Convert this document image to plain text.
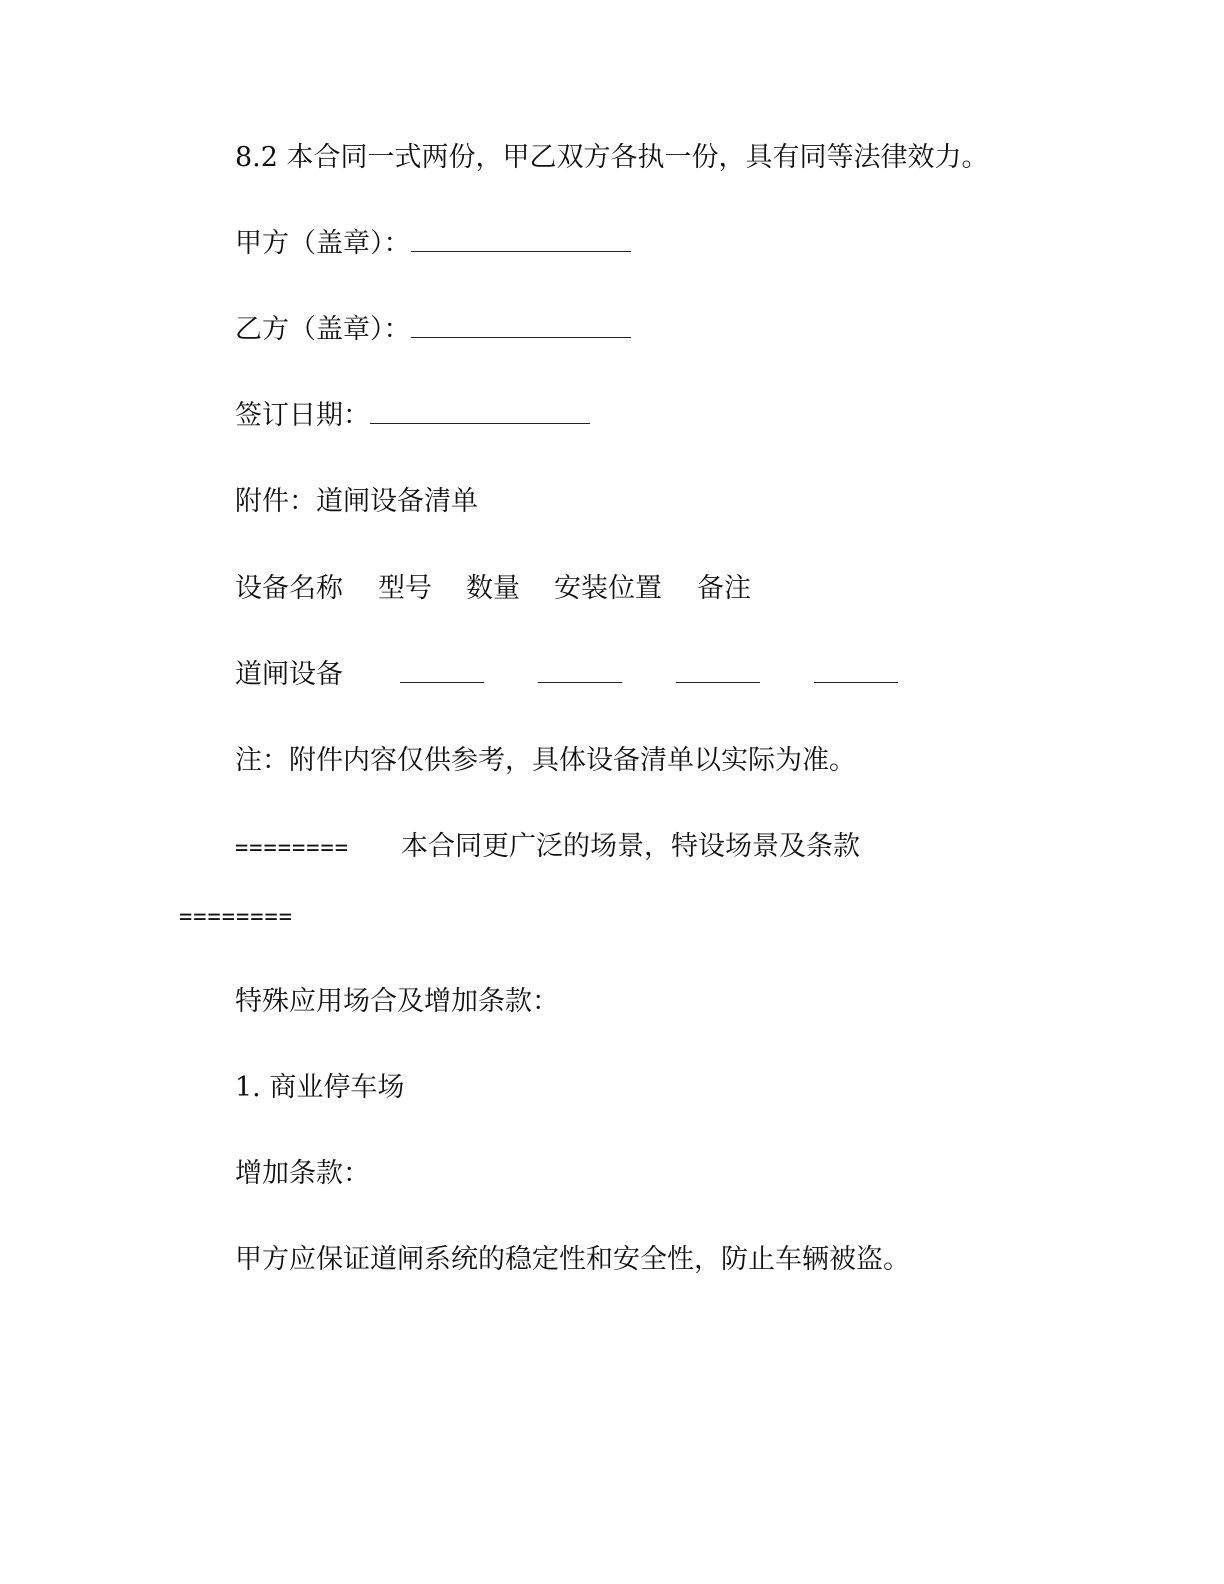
8.2 本合同一式两份，甲乙双方各执一份，具有同等法律效力。
甲方（盖章）：
乙方（盖章）：
签订日期：
附件：道闸设备清单
设备名称 型号 数量 安装位置 备注
道闸设备
注：附件内容仅供参考，具体设备清单以实际为准。
======== 本合同更广泛的场景，特设场景及条款
========
特殊应用场合及增加条款：
1. 商业停车场
增加条款：
甲方应保证道闸系统的稳定性和安全性，防止车辆被盗。
